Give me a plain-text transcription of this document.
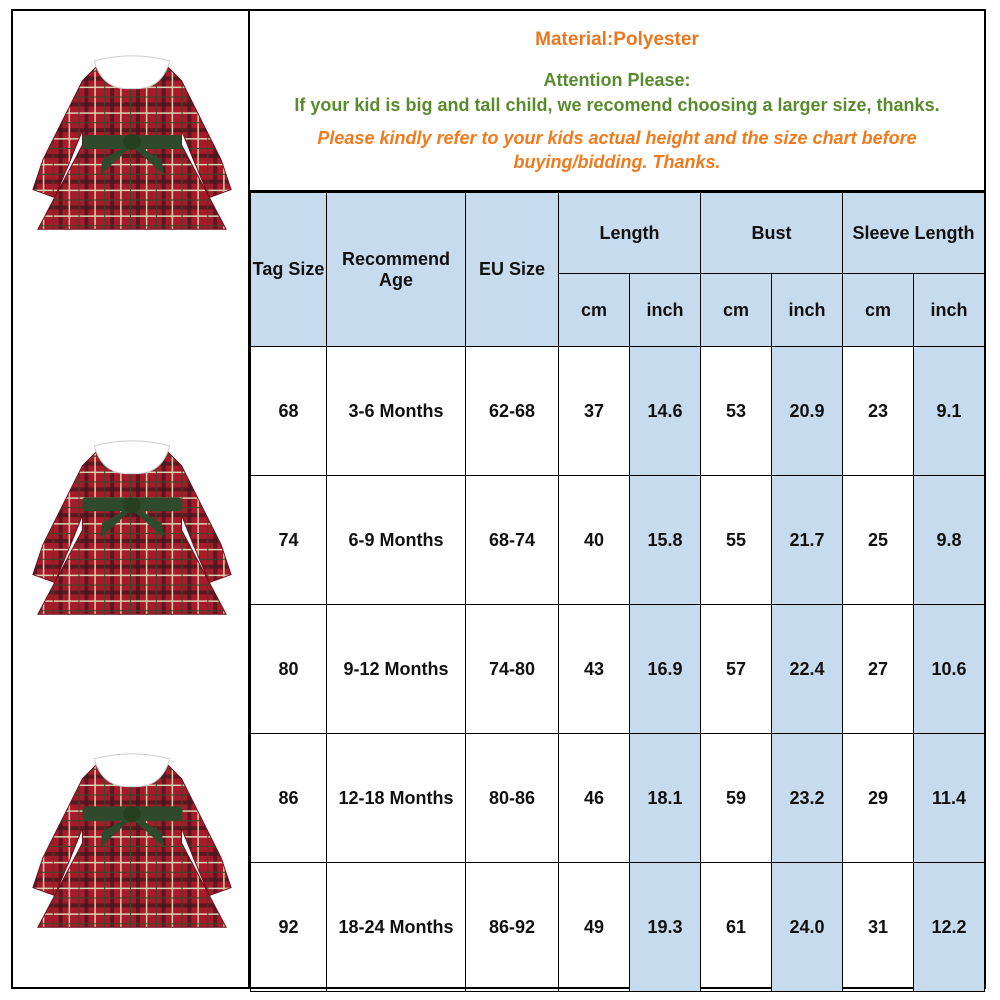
Material:Polyester
Attention Please:
If your kid is big and tall child, we recomend choosing a larger size, thanks.
Please kindly refer to your kids actual height and the size chart before
buying/bidding. Thanks.
Tag Size	Recommend Age	EU Size	Length		Bust		Sleeve Length	
			cm	inch	cm	inch	cm	inch
68	3-6 Months	62-68	37	14.6	53	20.9	23	9.1
74	6-9 Months	68-74	40	15.8	55	21.7	25	9.8
80	9-12 Months	74-80	43	16.9	57	22.4	27	10.6
86	12-18 Months	80-86	46	18.1	59	23.2	29	11.4
92	18-24 Months	86-92	49	19.3	61	24.0	31	12.2
